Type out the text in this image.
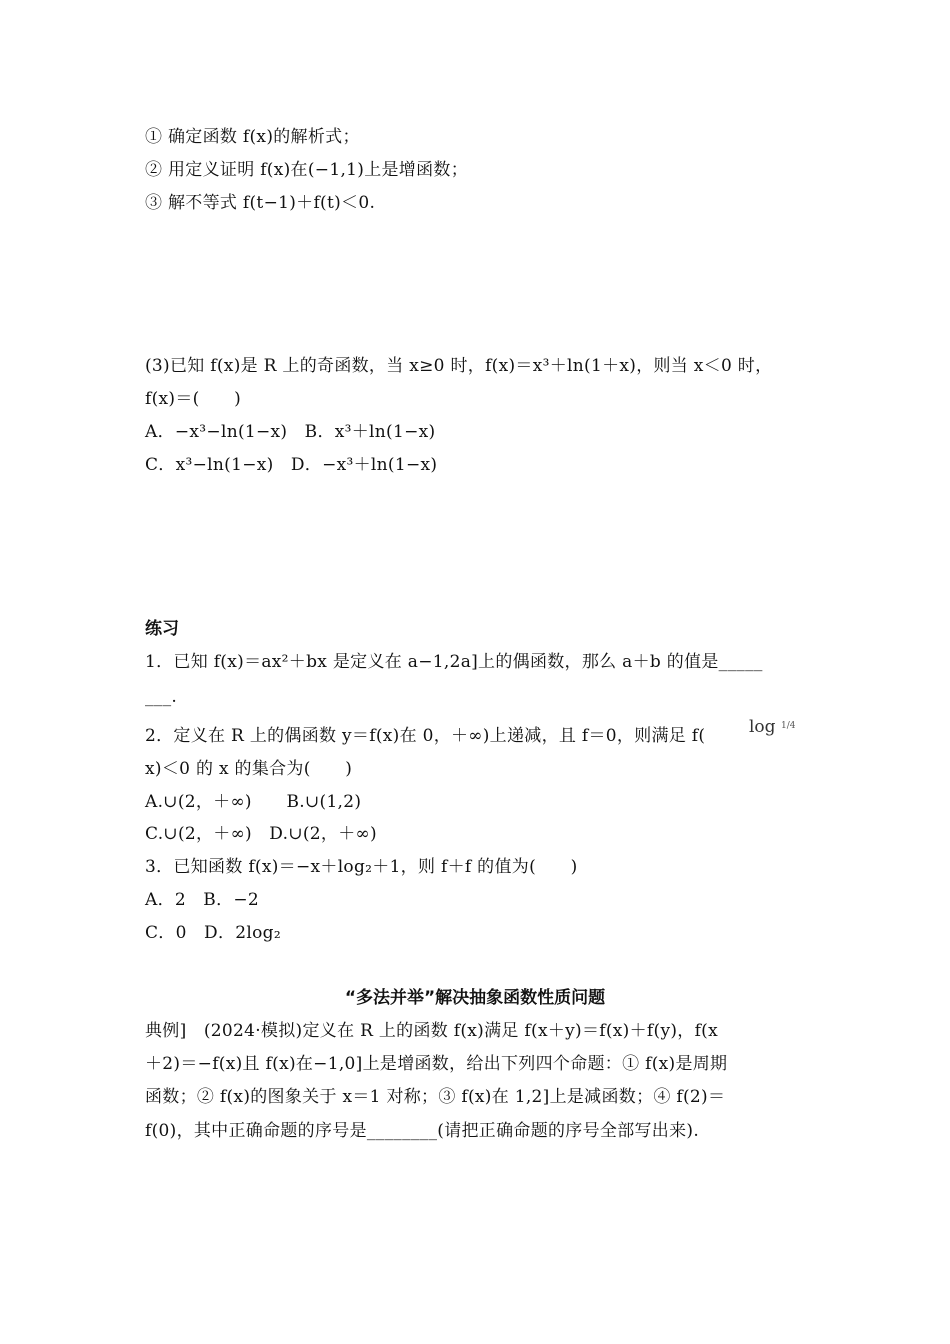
① 确定函数 f(x)的解析式；
② 用定义证明 f(x)在(−1,1)上是增函数；
③ 解不等式 f(t−1)＋f(t)＜0.
(3)已知 f(x)是 R 上的奇函数，当 x≥0 时，f(x)＝x³＋ln(1＋x)，则当 x＜0 时，
f(x)＝(　　)
A．−x³−ln(1−x)　B．x³＋ln(1−x)
C．x³−ln(1−x)　D．−x³＋ln(1−x)
练习
1．已知 f(x)＝ax²＋bx 是定义在 a−1,2a]上的偶函数，那么 a＋b 的值是_____
___.
2．定义在 R 上的偶函数 y＝f(x)在 0，＋∞)上递减，且 f＝0，则满足 f(	log 1/4
x)＜0 的 x 的集合为(　　)
A.∪(2，＋∞)　　B.∪(1,2)
C.∪(2，＋∞)　D.∪(2，＋∞)
3．已知函数 f(x)＝−x＋log₂＋1，则 f＋f 的值为(　　)
A．2　B．−2
C．0　D．2log₂
“多法并举”解决抽象函数性质问题
典例]　(2024·模拟)定义在 R 上的函数 f(x)满足 f(x＋y)＝f(x)＋f(y)，f(x
＋2)＝−f(x)且 f(x)在−1,0]上是增函数，给出下列四个命题：① f(x)是周期
函数；② f(x)的图象关于 x＝1 对称；③ f(x)在 1,2]上是减函数；④ f(2)＝
f(0)，其中正确命题的序号是________(请把正确命题的序号全部写出来).
